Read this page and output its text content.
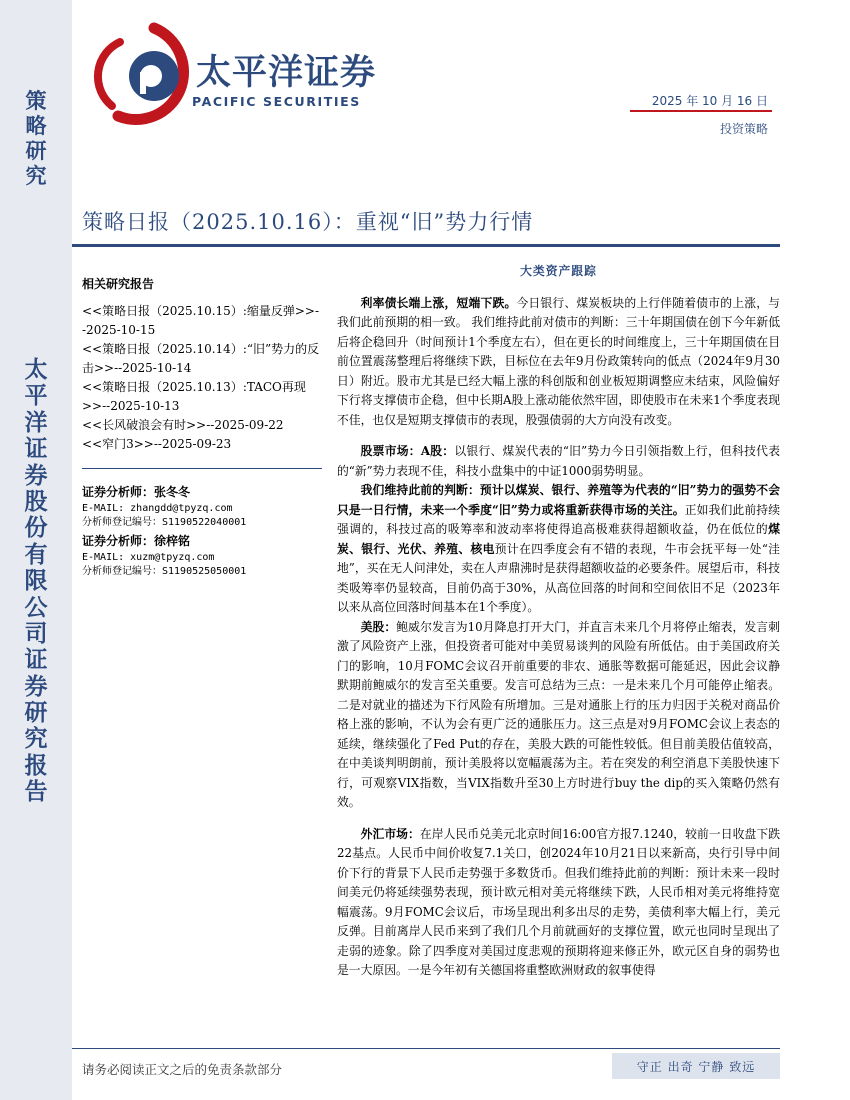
策
略
研
究
太
平
洋
证
券
股
份
有
限
公
司
证
券
研
究
报
告
太平洋证券
PACIFIC SECURITIES	2025 年 10 月 16 日
投资策略
策略日报（2025.10.16）：重视“旧”势力行情
相关研究报告
<<策略日报（2025.10.15）:缩量反弹>>--2025-10-15
<<策略日报（2025.10.14）:“旧”势力的反击>>--2025-10-14
<<策略日报（2025.10.13）:TACO再现>>--2025-10-13
<<长风破浪会有时>>--2025-09-22
<<窄门3>>--2025-09-23
证券分析师：张冬冬
E-MAIL: zhangdd@tpyzq.com
分析师登记编号：S1190522040001
证券分析师：徐梓铭
E-MAIL: xuzm@tpyzq.com
分析师登记编号：S1190525050001
大类资产跟踪

利率债长端上涨，短端下跌。今日银行、煤炭板块的上行伴随着债市的上涨，与我们此前预期的相一致。 我们维持此前对债市的判断：三十年期国债在创下今年新低后将企稳回升（时间预计1个季度左右），但在更长的时间维度上，三十年期国债在目前位置震荡整理后将继续下跌，目标位在去年9月份政策转向的低点（2024年9月30日）附近。股市尤其是已经大幅上涨的科创版和创业板短期调整应未结束，风险偏好下行将支撑债市企稳，但中长期A股上涨动能依然牢固，即使股市在未来1个季度表现不佳，也仅是短期支撑债市的表现，股强债弱的大方向没有改变。

股票市场：A股：以银行、煤炭代表的“旧”势力今日引领指数上行，但科技代表的“新”势力表现不佳，科技小盘集中的中证1000弱势明显。

我们维持此前的判断：预计以煤炭、银行、养殖等为代表的“旧”势力的强势不会只是一日行情，未来一个季度“旧”势力或将重新获得市场的关注。正如我们此前持续强调的，科技过高的吸筹率和波动率将使得追高极难获得超额收益，仍在低位的煤炭、银行、光伏、养殖、核电预计在四季度会有不错的表现，牛市会抚平每一处“洼地”，买在无人问津处，卖在人声鼎沸时是获得超额收益的必要条件。展望后市，科技类吸筹率仍显较高，目前仍高于30%，从高位回落的时间和空间依旧不足（2023年以来从高位回落时间基本在1个季度）。

美股：鲍威尔发言为10月降息打开大门，并直言未来几个月将停止缩表，发言刺激了风险资产上涨，但投资者可能对中美贸易谈判的风险有所低估。由于美国政府关门的影响，10月FOMC会议召开前重要的非农、通胀等数据可能延迟，因此会议静默期前鲍威尔的发言至关重要。发言可总结为三点：一是未来几个月可能停止缩表。二是对就业的描述为下行风险有所增加。三是对通胀上行的压力归因于关税对商品价格上涨的影响，不认为会有更广泛的通胀压力。这三点是对9月FOMC会议上表态的延续，继续强化了Fed Put的存在，美股大跌的可能性较低。但目前美股估值较高，在中美谈判明朗前，预计美股将以宽幅震荡为主。若在突发的利空消息下美股快速下行，可观察VIX指数，当VIX指数升至30上方时进行buy the dip的买入策略仍然有效。

外汇市场：在岸人民币兑美元北京时间16:00官方报7.1240，较前一日收盘下跌22基点。人民币中间价收复7.1关口，创2024年10月21日以来新高，央行引导中间价下行的背景下人民币走势强于多数货币。但我们维持此前的判断：预计未来一段时间美元仍将延续强势表现，预计欧元相对美元将继续下跌，人民币相对美元将维持宽幅震荡。9月FOMC会议后，市场呈现出利多出尽的走势，美债利率大幅上行，美元反弹。目前离岸人民币来到了我们几个月前就画好的支撑位置，欧元也同时呈现出了走弱的迹象。除了四季度对美国过度悲观的预期将迎来修正外，欧元区自身的弱势也是一大原因。一是今年初有关德国将重整欧洲财政的叙事使得

请务必阅读正文之后的免责条款部分	守正 出奇 宁静 致远
